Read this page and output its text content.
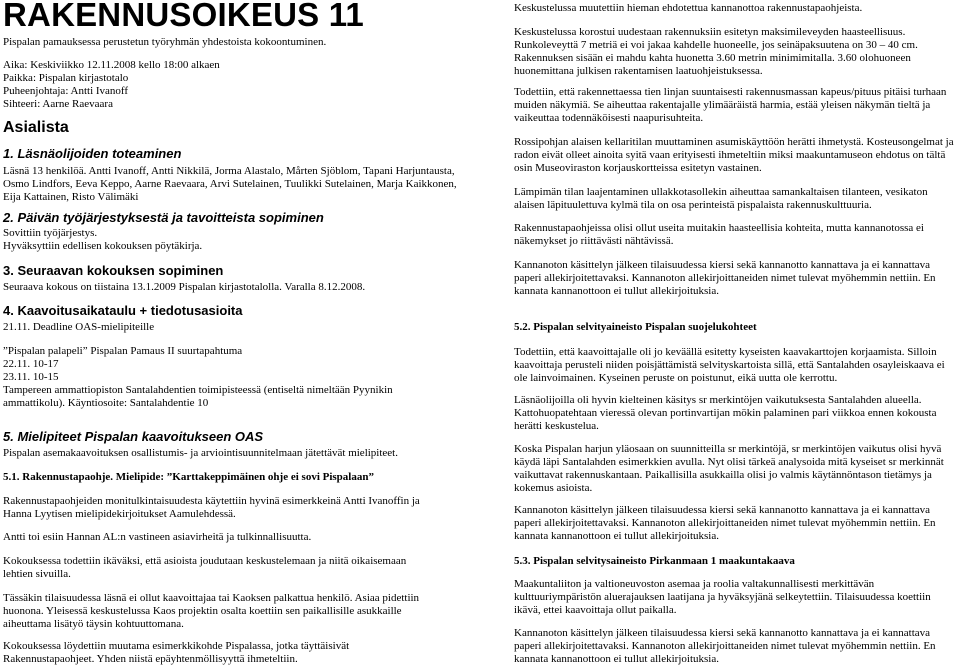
RAKENNUSOIKEUS 11

Pispalan pamauksessa perustetun työryhmän yhdestoista kokoontuminen.

Aika: Keskiviikko 12.11.2008 kello 18:00 alkaen

Paikka: Pispalan kirjastotalo

Puheenjohtaja: Antti Ivanoff

Sihteeri: Aarne Raevaara

Asialista
1. Läsnäolijoiden toteaminen

Läsnä 13 henkilöä. Antti Ivanoff, Antti Nikkilä, Jorma Alastalo, Mårten Sjöblom, Tapani Harjuntausta, Osmo Lindfors, Eeva Keppo, Aarne Raevaara, Arvi Sutelainen, Tuulikki Sutelainen, Marja Kaikkonen, Eija Kattainen, Risto Välimäki

2. Päivän työjärjestyksestä ja tavoitteista sopiminen

Sovittiin työjärjestys.

Hyväksyttiin edellisen kokouksen pöytäkirja.

3. Seuraavan kokouksen sopiminen

Seuraava kokous on tiistaina 13.1.2009 Pispalan kirjastotalolla. Varalla 8.12.2008.

4. Kaavoitusaikataulu + tiedotusasioita

21.11. Deadline OAS-mielipiteille

”Pispalan palapeli” Pispalan Pamaus II suurtapahtuma

22.11. 10-17

23.11. 10-15

Tampereen ammattiopiston Santalahdentien toimipisteessä (entiseltä nimeltään Pyynikin ammattikolu). Käyntiosoite: Santalahdentie 10

5. Mielipiteet Pispalan kaavoitukseen OAS

Pispalan asemakaavoituksen osallistumis- ja arviointisuunnitelmaan jätettävät mielipiteet.

5.1. Rakennustapaohje. Mielipide: ”Karttakeppimäinen ohje ei sovi Pispalaan”

Rakennustapaohjeiden monitulkintaisuudesta käytettiin hyvinä esimerkkeinä Antti Ivanoffin ja Hanna Lyytisen mielipidekirjoitukset Aamulehdessä.

Antti toi esiin Hannan AL:n vastineen asiavirheitä ja tulkinnallisuutta.

Kokouksessa todettiin ikäväksi, että asioista joudutaan keskustelemaan ja niitä oikaisemaan lehtien sivuilla.

Tässäkin tilaisuudessa läsnä ei ollut kaavoittajaa tai Kaoksen palkattua henkilö. Asiaa pidettiin huonona. Yleisessä keskustelussa Kaos projektin osalta koettiin sen paikallisille asukkaille aiheuttama lisätyö täysin kohtuuttomana.

Kokouksessa löydettiin muutama esimerkkikohde Pispalassa, jotka täyttäisivät Rakennustapaohjeet. Yhden niistä epäyhtenmöllisyyttä ihmeteltiin.

Keskustelussa muutettiin hieman ehdotettua kannanottoa rakennustapaohjeista.

Keskustelussa korostui uudestaan rakennuksiin esitetyn maksimileveyden haasteellisuus. Runkoleveyttä 7 metriä ei voi jakaa kahdelle huoneelle, jos seinäpaksuutena on 30 – 40 cm. Rakennuksen sisään ei mahdu kahta huonetta 3.60 metrin minimimitalla. 3.60 olohuoneen huonemittana julkisen rakentamisen laatuohjeistuksessa.

Todettiin, että rakennettaessa tien linjan suuntaisesti rakennusmassan kapeus/pituus pitäisi turhaan muiden näkymiä. Se aiheuttaa rakentajalle ylimääräistä harmia, estää yleisen näkymän tieltä ja vaikeuttaa todennäköisesti naapurisuhteita.

Rossipohjan alaisen kellaritilan muuttaminen asumiskäyttöön herätti ihmetystä. Kosteusongelmat ja radon eivät olleet ainoita syitä vaan erityisesti ihmeteltiin miksi maakuntamuseon ehdotus on tältä osin Museoviraston korjauskortteissa esitetyn vastainen.

Lämpimän tilan laajentaminen ullakkotasollekin aiheuttaa samankaltaisen tilanteen, vesikaton alaisen läpituulettuva kylmä tila on osa perinteistä pispalaista rakennuskulttuuria.

Rakennustapaohjeissa olisi ollut useita muitakin haasteellisia kohteita, mutta kannanotossa ei näkemykset jo riittävästi nähtävissä.

Kannanoton käsittelyn jälkeen tilaisuudessa kiersi sekä kannanotto kannattava ja ei kannattava paperi allekirjoitettavaksi. Kannanoton allekirjoittaneiden nimet tulevat myöhemmin nettiin. En kannata kannanottoon ei tullut allekirjoituksia.

5.2. Pispalan selvityaineisto Pispalan suojelukohteet

Todettiin, että kaavoittajalle oli jo keväällä esitetty kyseisten kaavakarttojen korjaamista. Silloin kaavoittaja perusteli niiden poisjättämistä selvityskartoista sillä, että Santalahden osayleiskaava ei ole lainvoimainen. Kyseinen peruste on poistunut, eikä uutta ole kerrottu.

Läsnäolijoilla oli hyvin kielteinen käsitys sr merkintöjen vaikutuksesta Santalahden alueella. Kattohuopatehtaan vieressä olevan portinvartijan mökin palaminen pari viikkoa ennen kokousta herätti keskustelua.

Koska Pispalan harjun yläosaan on suunnitteilla sr merkintöjä, sr merkintöjen vaikutus olisi hyvä käydä läpi Santalahden esimerkkien avulla. Nyt olisi tärkeä analysoida mitä kyseiset sr merkinnät vaikuttavat rakennuskantaan. Paikallisilla asukkailla olisi jo valmis käytännöntason tietämys ja kokemus asioista.

Kannanoton käsittelyn jälkeen tilaisuudessa kiersi sekä kannanotto kannattava ja ei kannattava paperi allekirjoitettavaksi. Kannanoton allekirjoittaneiden nimet tulevat myöhemmin nettiin. En kannata kannanottoon ei tullut allekirjoituksia.

5.3. Pispalan selvitysaineisto Pirkanmaan 1 maakuntakaava

Maakuntaliiton ja valtioneuvoston asemaa ja roolia valtakunnallisesti merkittävän kulttuuriympäristön aluerajauksen laatijana ja hyväksyjänä selkeytettiin. Tilaisuudessa koettiin ikävä, ettei kaavoittaja ollut paikalla.

Kannanoton käsittelyn jälkeen tilaisuudessa kiersi sekä kannanotto kannattava ja ei kannattava paperi allekirjoitettavaksi. Kannanoton allekirjoittaneiden nimet tulevat myöhemmin nettiin. En kannata kannanottoon ei tullut allekirjoituksia.
